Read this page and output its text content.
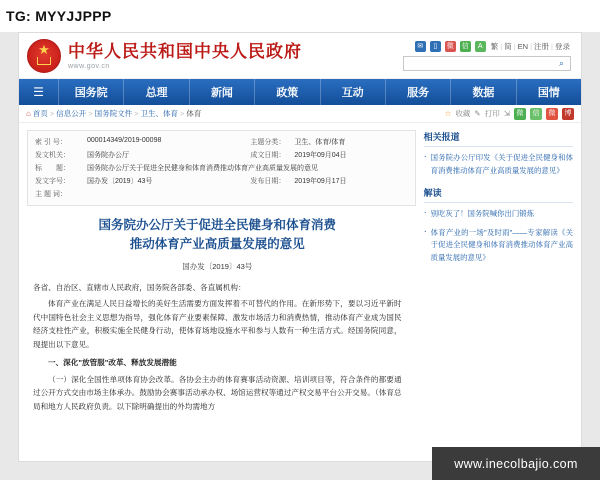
TG: MYYJJPPP
★
中华人民共和国中央人民政府
www.gov.cn
✉	▯	微 信	A	繁 | 简 | EN | 注册 | 登录
⌕
☰	国务院	总理	新闻	政策	互动	服务	数据	国情
⌂ 首页 > 信息公开 > 国务院文件 > 卫生、体育 > 体育	☆ 收藏 ✎ 打印 ⇲ 微	信	微	博
索 引 号：	000014349/2019-00098	主题分类：	卫生、体育/体育
发文机关：	国务院办公厅	成文日期：	2019年09月04日
标　　题：	国务院办公厅关于促进全民健身和体育消费推动体育产业高质量发展的意见		
发文字号：	国办发〔2019〕43号	发布日期：	2019年09月17日
主 题 词：			
国务院办公厅关于促进全民健身和体育消费
推动体育产业高质量发展的意见
国办发〔2019〕43号

各省、自治区、直辖市人民政府，国务院各部委、各直属机构：

体育产业在满足人民日益增长的美好生活需要方面发挥着不可替代的作用。在新形势下，要以习近平新时代中国特色社会主义思想为指导，强化体育产业要素保障、激发市场活力和消费热情，推动体育产业成为国民经济支柱性产业，积极实施全民健身行动，使体育场地设施水平和参与人数有一种生活方式。经国务院同意，现提出以下意见。

一、深化"放管服"改革、释放发展潜能

（一）深化全国性单项体育协会改革。各协会主办的体育赛事活动资源、培训项目等，符合条件的都要通过公开方式交由市场主体承办。鼓励协会赛事活动承办权、场馆运营权等通过产权交易平台公开交易。（体育总局和地方人民政府负责。以下除明确提出的外均需地方

相关报道
· 国务院办公厅印发《关于促进全民健身和体育消费推动体育产业高质量发展的意见》
解读
· 别吃灰了！国务院喊你出门锻炼
· 体育产业的一场"及时雨"——专家解读《关于促进全民健身和体育消费推动体育产业高质量发展的意见》
www.inecolbajio.com
